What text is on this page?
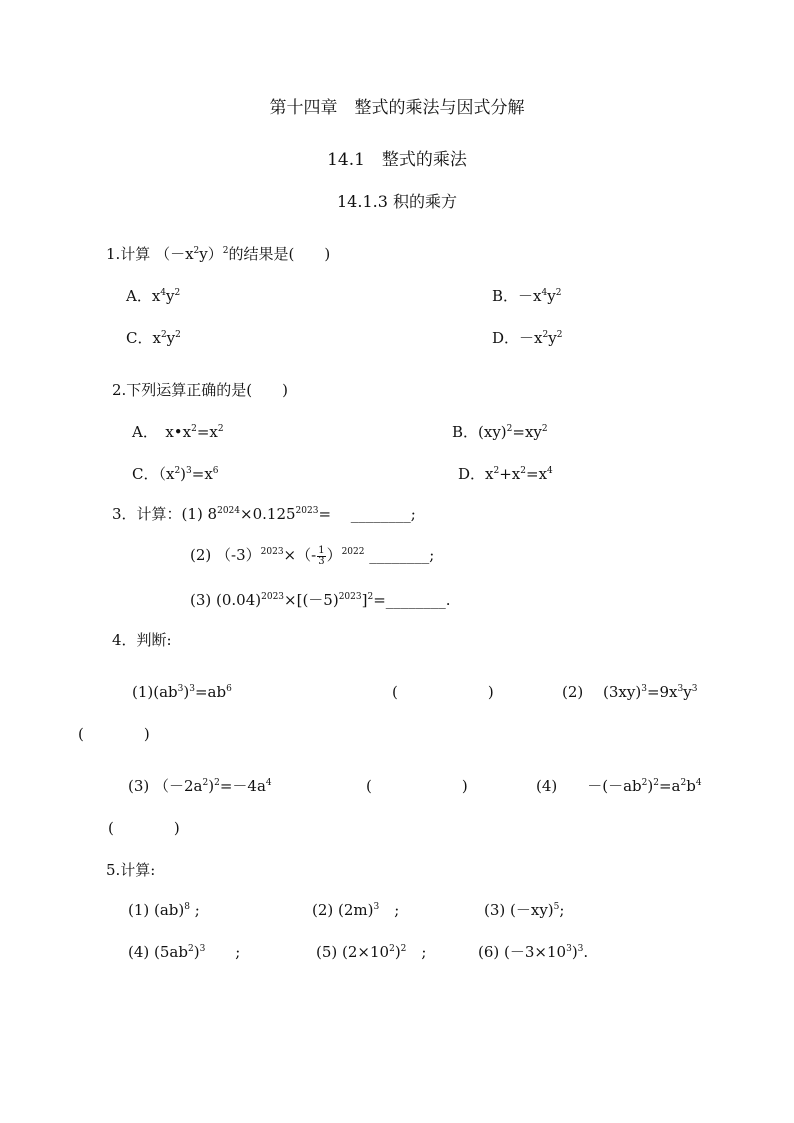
第十四章　整式的乘法与因式分解
14.1　整式的乘法
14.1.3 积的乘方
1.计算 $(-x^2y)^2$的结果是(　　)
A．$x^4y^2$	B．$-x^4y^2$
C．$x^2y^2$	D．$-x^2y^2$
2.下列运算正确的是(　　)
A．　$x•x^2=x^2$	B．$(xy)^2=xy^2$
C．$(x^2)^3=x^6$	D．$x^2+x^2=x^4$
3．计算：(1) $8^{2024}\times 0.125^{2023}=$　 ________;
(2) $(-3)^{2023}\times(- \frac{1}{3} )^{2022}$ ________;
(3) $(0.04)^{2023}\times[(-5)^{2023}]^2=\_\_\_\_\_\_\_\_$.
4．判断:
$(1)(ab^3)^3=ab^6$	(　　　　　　)	(2)　 $(3xy)^3=9x^3y^3$
(　　　　)
(3) $(-2a^2)^2=-4a^4$	(　　　　　　)	(4)　　$-(-ab^2)^2=a^2b^4$
(　　　　)
5.计算:
(1) (ab)$^8$ ;	(2) $(2m)^3$　;	(3) $(-xy)^5$;
(4) $(5ab^2)^3$　　;	(5) $(2\times 10^2)^2$　;	(6) $(-3\times 10^3)^3$.
